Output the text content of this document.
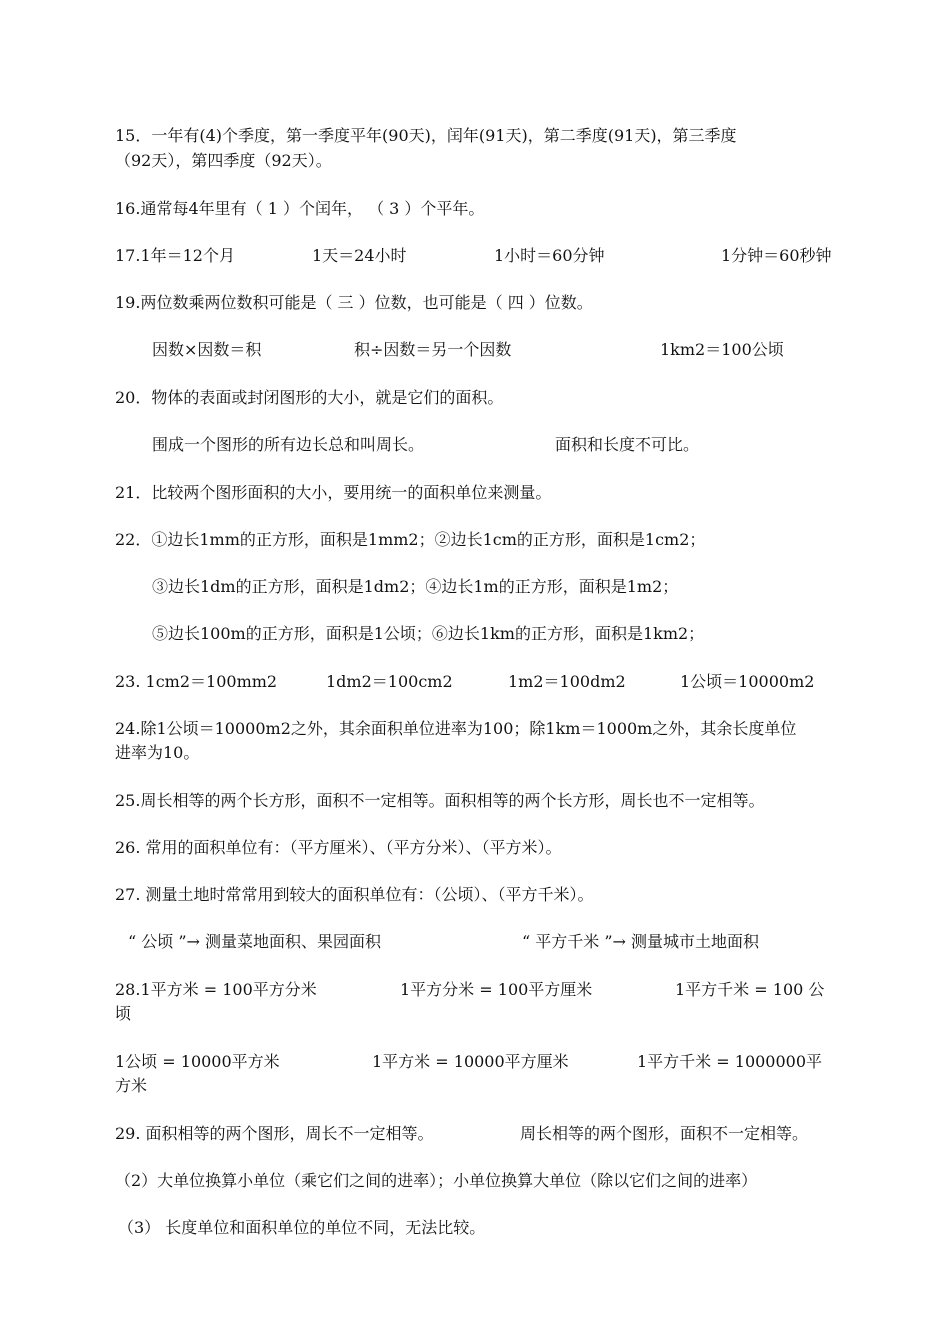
15．一年有(4)个季度，第一季度平年(90天)，闰年(91天)，第二季度(91天)，第三季度
（92天），第四季度（92天）。
16.通常每4年里有（ 1 ）个闰年， （ 3 ）个平年。
17.1年＝12个月	1天＝24小时	1小时＝60分钟	1分钟＝60秒钟
19.两位数乘两位数积可能是（ 三 ）位数，也可能是（ 四 ）位数。
因数×因数＝积	积÷因数＝另一个因数	1km2＝100公顷
20．物体的表面或封闭图形的大小，就是它们的面积。
围成一个图形的所有边长总和叫周长。	面积和长度不可比。
21．比较两个图形面积的大小，要用统一的面积单位来测量。
22．①边长1mm的正方形，面积是1mm2；②边长1cm的正方形，面积是1cm2；
③边长1dm的正方形，面积是1dm2；④边长1m的正方形，面积是1m2；
⑤边长100m的正方形，面积是1公顷；⑥边长1km的正方形，面积是1km2；
23. 1cm2＝100mm2	1dm2＝100cm2	1m2＝100dm2	1公顷＝10000m2
24.除1公顷＝10000m2之外，其余面积单位进率为100；除1km＝1000m之外，其余长度单位
进率为10。
25.周长相等的两个长方形，面积不一定相等。面积相等的两个长方形，周长也不一定相等。
26. 常用的面积单位有：（平方厘米）、（平方分米）、（平方米）。
27. 测量土地时常常用到较大的面积单位有：（公顷）、（平方千米）。
“ 公顷 ”→ 测量菜地面积、果园面积	“ 平方千米 ”→ 测量城市土地面积
28.1平方米 = 100平方分米	1平方分米 = 100平方厘米	1平方千米 = 100 公
顷
1公顷 = 10000平方米	1平方米 = 10000平方厘米	1平方千米 = 1000000平
方米
29. 面积相等的两个图形，周长不一定相等。	周长相等的两个图形，面积不一定相等。
（2）大单位换算小单位（乘它们之间的进率）；小单位换算大单位（除以它们之间的进率）
（3） 长度单位和面积单位的单位不同，无法比较。
